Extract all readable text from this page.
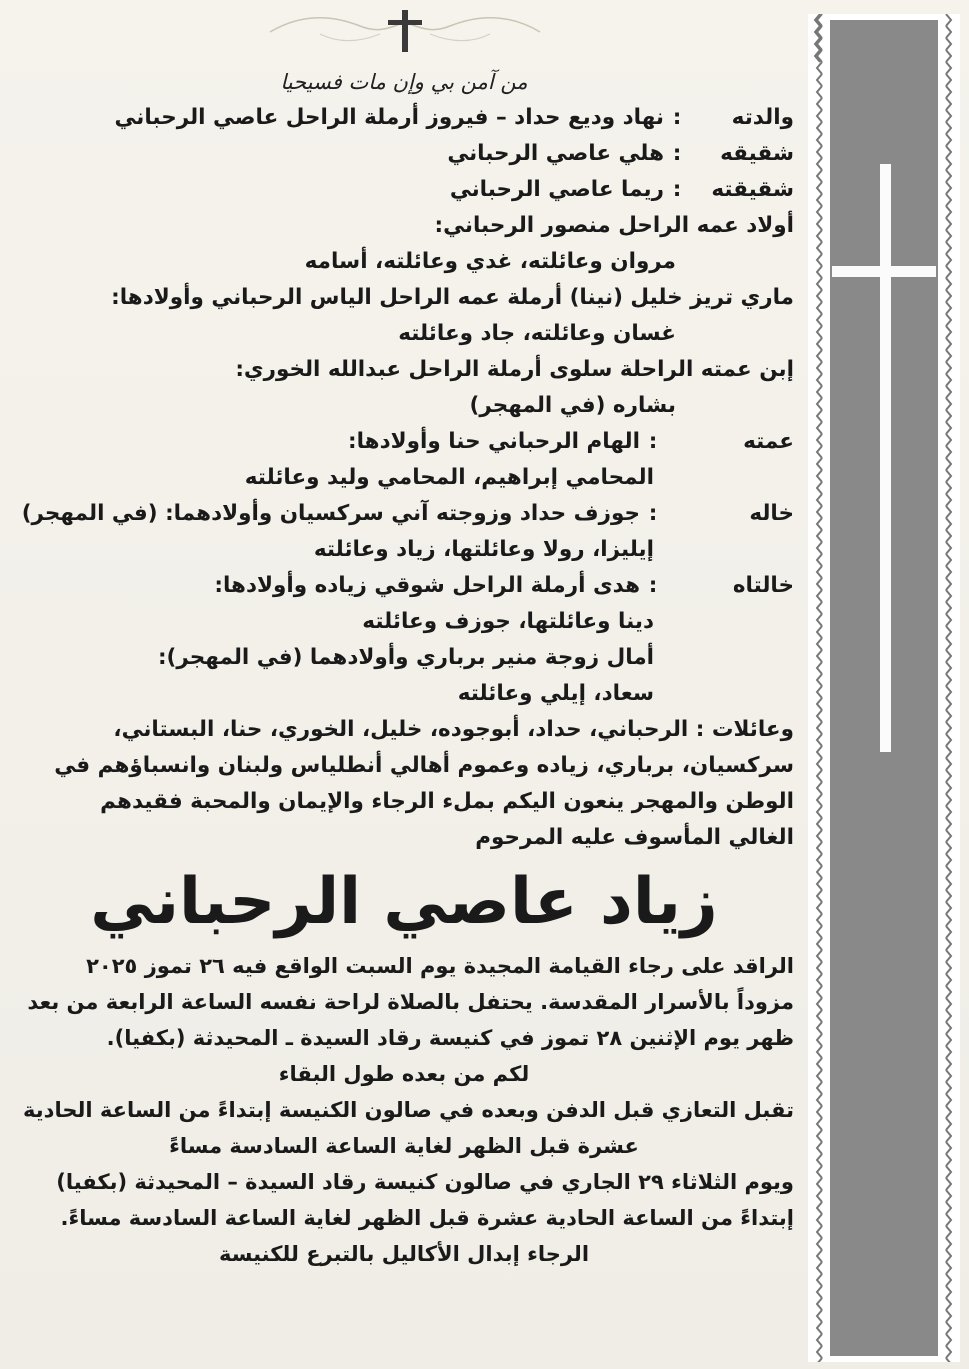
من آمن بي وإن مات فسيحيا
والدته:نهاد وديع حداد – فيروز أرملة الراحل عاصي الرحباني
شقيقه:هلي عاصي الرحباني
شقيقته:ريما عاصي الرحباني
أولاد عمه الراحل منصور الرحباني:
مروان وعائلته، غدي وعائلته، أسامه
ماري تريز خليل (نينا) أرملة عمه الراحل الياس الرحباني وأولادها:
غسان وعائلته، جاد وعائلته
إبن عمته الراحلة سلوى أرملة الراحل عبدالله الخوري:
بشاره (في المهجر)
عمته:الهام الرحباني حنا وأولادها:
المحامي إبراهيم، المحامي وليد وعائلته
خاله:جوزف حداد وزوجته آني سركسيان وأولادهما: (في المهجر)
إيليزا، رولا وعائلتها، زياد وعائلته
خالتاه:هدى أرملة الراحل شوقي زياده وأولادها:
دينا وعائلتها، جوزف وعائلته
أمال زوجة منير برباري وأولادهما (في المهجر):
سعاد، إيلي وعائلته
وعائلات : الرحباني، حداد، أبوجوده، خليل، الخوري، حنا، البستاني،
سركسيان، برباري، زياده وعموم أهالي أنطلياس ولبنان وانسباؤهم في
الوطن والمهجر ينعون اليكم بملء الرجاء والإيمان والمحبة فقيدهم
الغالي المأسوف عليه المرحوم
زياد عاصي الرحباني
الراقد على رجاء القيامة المجيدة يوم السبت الواقع فيه ٢٦ تموز ٢٠٢٥
مزوداً بالأسرار المقدسة. يحتفل بالصلاة لراحة نفسه الساعة الرابعة من بعد
ظهر يوم الإثنين ٢٨ تموز في كنيسة رقاد السيدة ـ المحيدثة (بكفيا).
لكم من بعده طول البقاء
تقبل التعازي قبل الدفن وبعده في صالون الكنيسة إبتداءً من الساعة الحادية
عشرة قبل الظهر لغاية الساعة السادسة مساءً
ويوم الثلاثاء ٢٩ الجاري في صالون كنيسة رقاد السيدة – المحيدثة (بكفيا)
إبتداءً من الساعة الحادية عشرة قبل الظهر لغاية الساعة السادسة مساءً.
الرجاء إبدال الأكاليل بالتبرع للكنيسة
